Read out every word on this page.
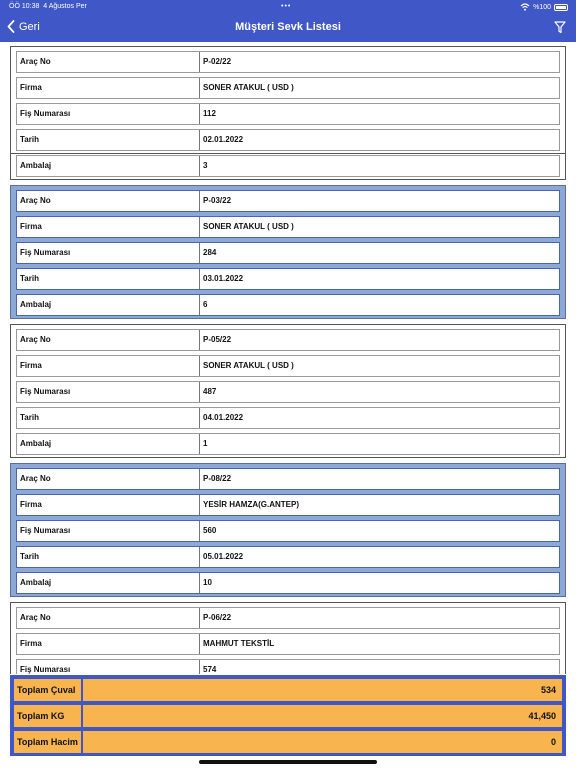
ÖÖ 10:38 4 Ağustos Per	•••	%100
Geri	Müşteri Sevk Listesi
Araç No	P-02/22
Firma	SONER ATAKUL ( USD )
Fiş Numarası	112
Tarih	02.01.2022
Ambalaj	3
Araç No	P-03/22
Firma	SONER ATAKUL ( USD )
Fiş Numarası	284
Tarih	03.01.2022
Ambalaj	6
Araç No	P-05/22
Firma	SONER ATAKUL ( USD )
Fiş Numarası	487
Tarih	04.01.2022
Ambalaj	1
Araç No	P-08/22
Firma	YESİR HAMZA(G.ANTEP)
Fiş Numarası	560
Tarih	05.01.2022
Ambalaj	10
Araç No	P-06/22
Firma	MAHMUT TEKSTİL
Fiş Numarası	574
Toplam Çuval	534
Toplam KG	41,450
Toplam Hacim	0
